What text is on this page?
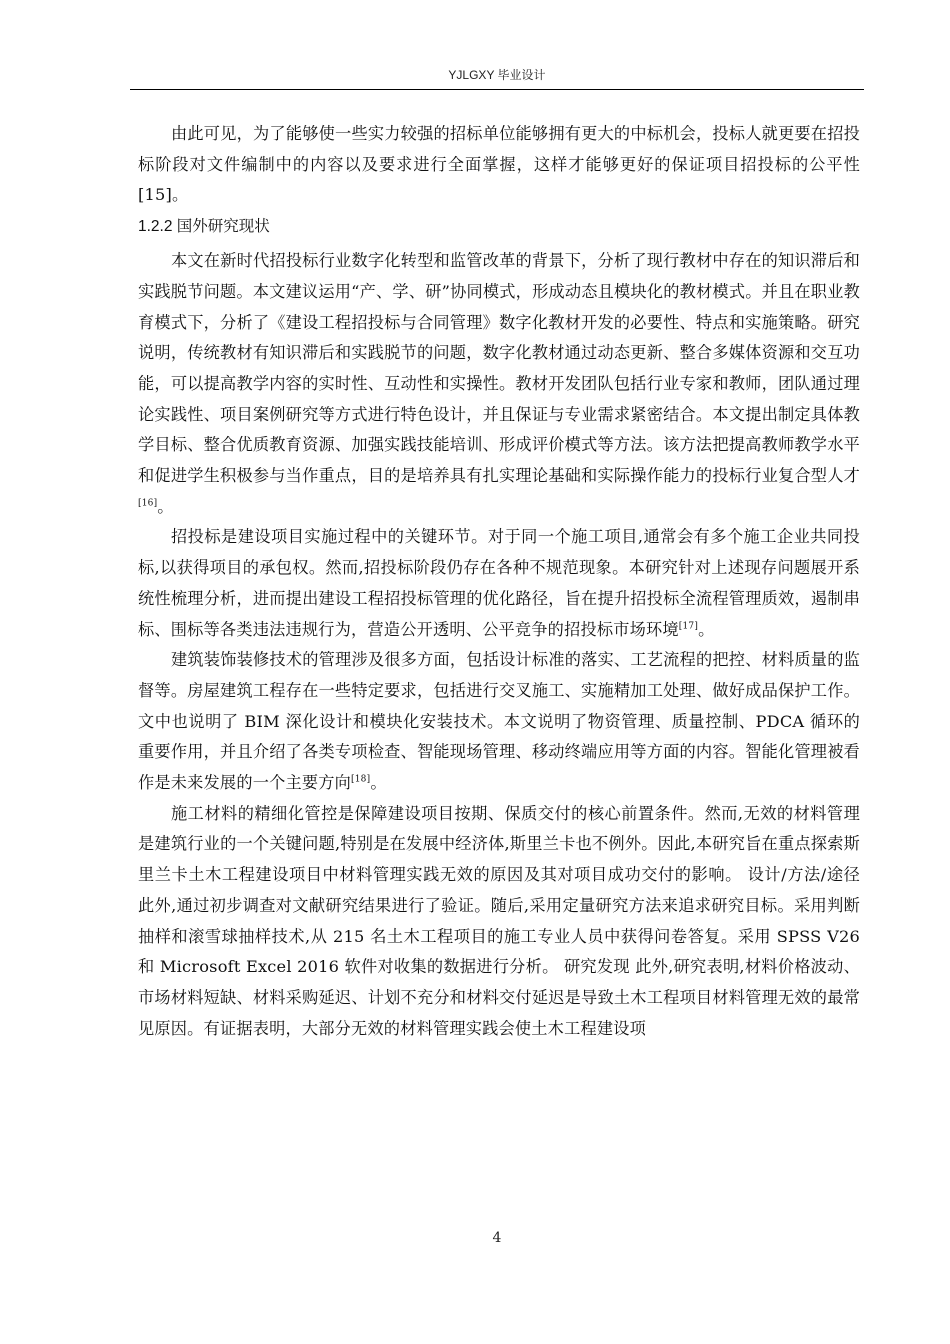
YJLGXY 毕业设计

由此可见，为了能够使一些实力较强的招标单位能够拥有更大的中标机会，投标人就更要在招投标阶段对文件编制中的内容以及要求进行全面掌握，这样才能够更好的保证项目招投标的公平性[15]。

1.2.2 国外研究现状

本文在新时代招投标行业数字化转型和监管改革的背景下，分析了现行教材中存在的知识滞后和实践脱节问题。本文建议运用“产、学、研”协同模式，形成动态且模块化的教材模式。并且在职业教育模式下，分析了《建设工程招投标与合同管理》数字化教材开发的必要性、特点和实施策略。研究说明，传统教材有知识滞后和实践脱节的问题，数字化教材通过动态更新、整合多媒体资源和交互功能，可以提高教学内容的实时性、互动性和实操性。教材开发团队包括行业专家和教师，团队通过理论实践性、项目案例研究等方式进行特色设计，并且保证与专业需求紧密结合。本文提出制定具体教学目标、整合优质教育资源、加强实践技能培训、形成评价模式等方法。该方法把提高教师教学水平和促进学生积极参与当作重点，目的是培养具有扎实理论基础和实际操作能力的投标行业复合型人才[16]。

招投标是建设项目实施过程中的关键环节。对于同一个施工项目,通常会有多个施工企业共同投标,以获得项目的承包权。然而,招投标阶段仍存在各种不规范现象。本研究针对上述现存问题展开系统性梳理分析，进而提出建设工程招投标管理的优化路径，旨在提升招投标全流程管理质效，遏制串标、围标等各类违法违规行为，营造公开透明、公平竞争的招投标市场环境[17]。

建筑装饰装修技术的管理涉及很多方面，包括设计标准的落实、工艺流程的把控、材料质量的监督等。房屋建筑工程存在一些特定要求，包括进行交叉施工、实施精加工处理、做好成品保护工作。文中也说明了 BIM 深化设计和模块化安装技术。本文说明了物资管理、质量控制、PDCA 循环的重要作用，并且介绍了各类专项检查、智能现场管理、移动终端应用等方面的内容。智能化管理被看作是未来发展的一个主要方向[18]。

施工材料的精细化管控是保障建设项目按期、保质交付的核心前置条件。然而,无效的材料管理是建筑行业的一个关键问题,特别是在发展中经济体,斯里兰卡也不例外。因此,本研究旨在重点探索斯里兰卡土木工程建设项目中材料管理实践无效的原因及其对项目成功交付的影响。 设计/方法/途径 此外,通过初步调查对文献研究结果进行了验证。随后,采用定量研究方法来追求研究目标。采用判断抽样和滚雪球抽样技术,从 215 名土木工程项目的施工专业人员中获得问卷答复。采用 SPSS V26 和 Microsoft Excel 2016 软件对收集的数据进行分析。 研究发现 此外,研究表明,材料价格波动、市场材料短缺、材料采购延迟、计划不充分和材料交付延迟是导致土木工程项目材料管理无效的最常见原因。有证据表明，大部分无效的材料管理实践会使土木工程建设项

4
